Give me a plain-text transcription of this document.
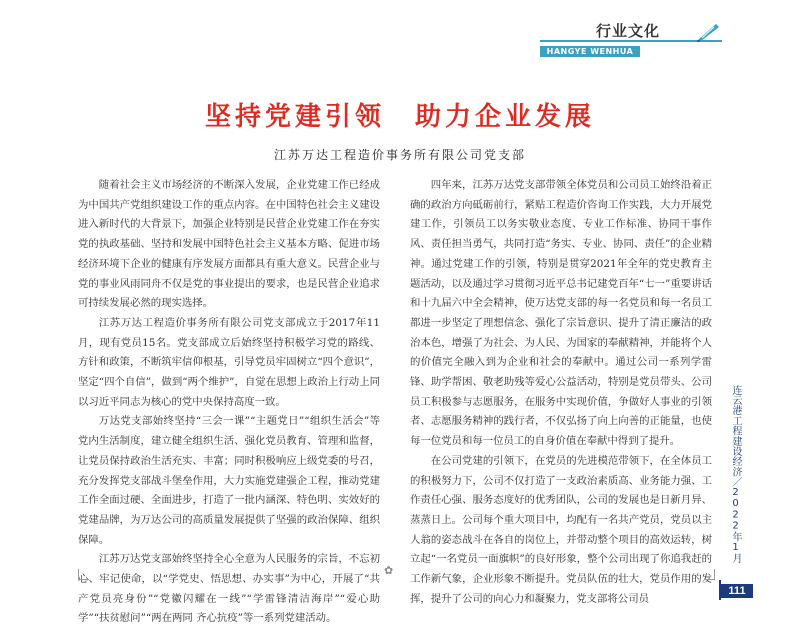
行业文化
HANGYE WENHUA
坚持党建引领　助力企业发展
江苏万达工程造价事务所有限公司党支部

随着社会主义市场经济的不断深入发展，企业党建工作已经成为中国共产党组织建设工作的重点内容。在中国特色社会主义建设进入新时代的大背景下，加强企业特别是民营企业党建工作在夯实党的执政基础、坚持和发展中国特色社会主义基本方略、促进市场经济环境下企业的健康有序发展方面都具有重大意义。民营企业与党的事业风雨同舟不仅是党的事业提出的要求，也是民营企业追求可持续发展必然的现实选择。

江苏万达工程造价事务所有限公司党支部成立于2017年11月，现有党员15名。党支部成立后始终坚持积极学习党的路线、方针和政策，不断筑牢信仰根基，引导党员牢固树立“四个意识”，坚定“四个自信”，做到“两个维护”，自觉在思想上政治上行动上同以习近平同志为核心的党中央保持高度一致。

万达党支部始终坚持“三会一课”“主题党日”“组织生活会”等党内生活制度，建立健全组织生活、强化党员教育、管理和监督，让党员保持政治生活充实、丰富；同时积极响应上级党委的号召，充分发挥党支部战斗堡垒作用，大力实施党建强企工程，推动党建工作全面过硬、全面进步，打造了一批内涵深、特色明、实效好的党建品牌，为万达公司的高质量发展提供了坚强的政治保障、组织保障。

江苏万达党支部始终坚持全心全意为人民服务的宗旨，不忘初心、牢记使命，以“学党史、悟思想、办实事”为中心，开展了“共产党员亮身份”“党徽闪耀在一线”“学雷锋清洁海岸”“爱心助学”“扶贫慰问”“两在两同 齐心抗疫”等一系列党建活动。

四年来，江苏万达党支部带领全体党员和公司员工始终沿着正确的政治方向砥砺前行，紧贴工程造价咨询工作实践，大力开展党建工作，引领员工以务实敬业态度、专业工作标准、协同干事作风、责任担当勇气，共同打造“务实、专业、协同、责任”的企业精神。通过党建工作的引领，特别是贯穿2021年全年的党史教育主题活动，以及通过学习贯彻习近平总书记建党百年“七一”重要讲话和十九届六中全会精神，使万达党支部的每一名党员和每一名员工都进一步坚定了理想信念、强化了宗旨意识、提升了清正廉洁的政治本色，增强了为社会、为人民、为国家的奉献精神，并能将个人的价值完全融入到为企业和社会的奉献中。通过公司一系列学雷锋、助学帮困、敬老助残等爱心公益活动，特别是党员带头、公司员工积极参与志愿服务，在服务中实现价值，争做好人事业的引领者、志愿服务精神的践行者，不仅弘扬了向上向善的正能量，也使每一位党员和每一位员工的自身价值在奉献中得到了提升。

在公司党建的引领下，在党员的先进模范带领下，在全体员工的积极努力下，公司不仅打造了一支政治素质高、业务能力强、工作责任心强、服务态度好的优秀团队，公司的发展也是日新月异、蒸蒸日上。公司每个重大项目中，均配有一名共产党员，党员以主人翁的姿态战斗在各自的岗位上，并带动整个项目的高效运转，树立起“一名党员一面旗帜”的良好形象，整个公司出现了你追我赶的工作新气象，企业形象不断提升。党员队伍的壮大，党员作用的发挥，提升了公司的向心力和凝聚力，党支部将公司员

✿
连云港工程建设经济／2022年1月
111
